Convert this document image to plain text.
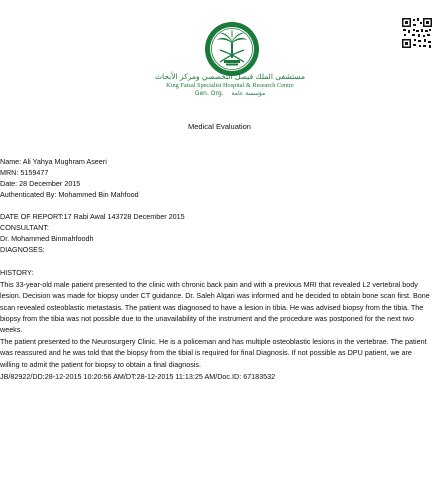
مستشفى الملك فيصل التخصصي ومركز الأبحاث
King Faisal Specialist Hospital & Research Centre
Gen. Org. مؤسسة عامة
Medical Evaluation
Name: Ali Yahya Mughram Aseeri
MRN: 5159477
Date: 28 December 2015
Authenticated By: Mohammed Bin Mahfood
DATE OF REPORT:17 Rabi Awal 143728 December 2015
CONSULTANT:
Dr. Mohammed Binmahfoodh
DIAGNOSES:
HISTORY:
This 33-year-old male patient presented to the clinic with chronic back pain and with a previous MRI that revealed L2 vertebral body lesion. Decision was made for biopsy under CT guidance. Dr. Saleh Alqari was informed and he decided to obtain bone scan first. Bone scan revealed osteoblastic metastasis. The patient was diagnosed to have a lesion in tibia. He was advised biopsy from the tibia. The biopsy from the tibia was not possible due to the unavailability of the instrument and the procedure was postponed for the next two weeks.
The patient presented to the Neurosurgery Clinic. He is a policeman and has multiple osteoblastic lesions in the vertebrae. The patient was reassured and he was told that the biopsy from the tibial is required for final Diagnosis. If not possible as DPU patient, we are willing to admit the patient for biopsy to obtain a final diagnosis.
JB/82922/DD:28-12-2015 10:20:56 AM/DT:28-12-2015 11:13:25 AM/Doc.ID: 67183532
